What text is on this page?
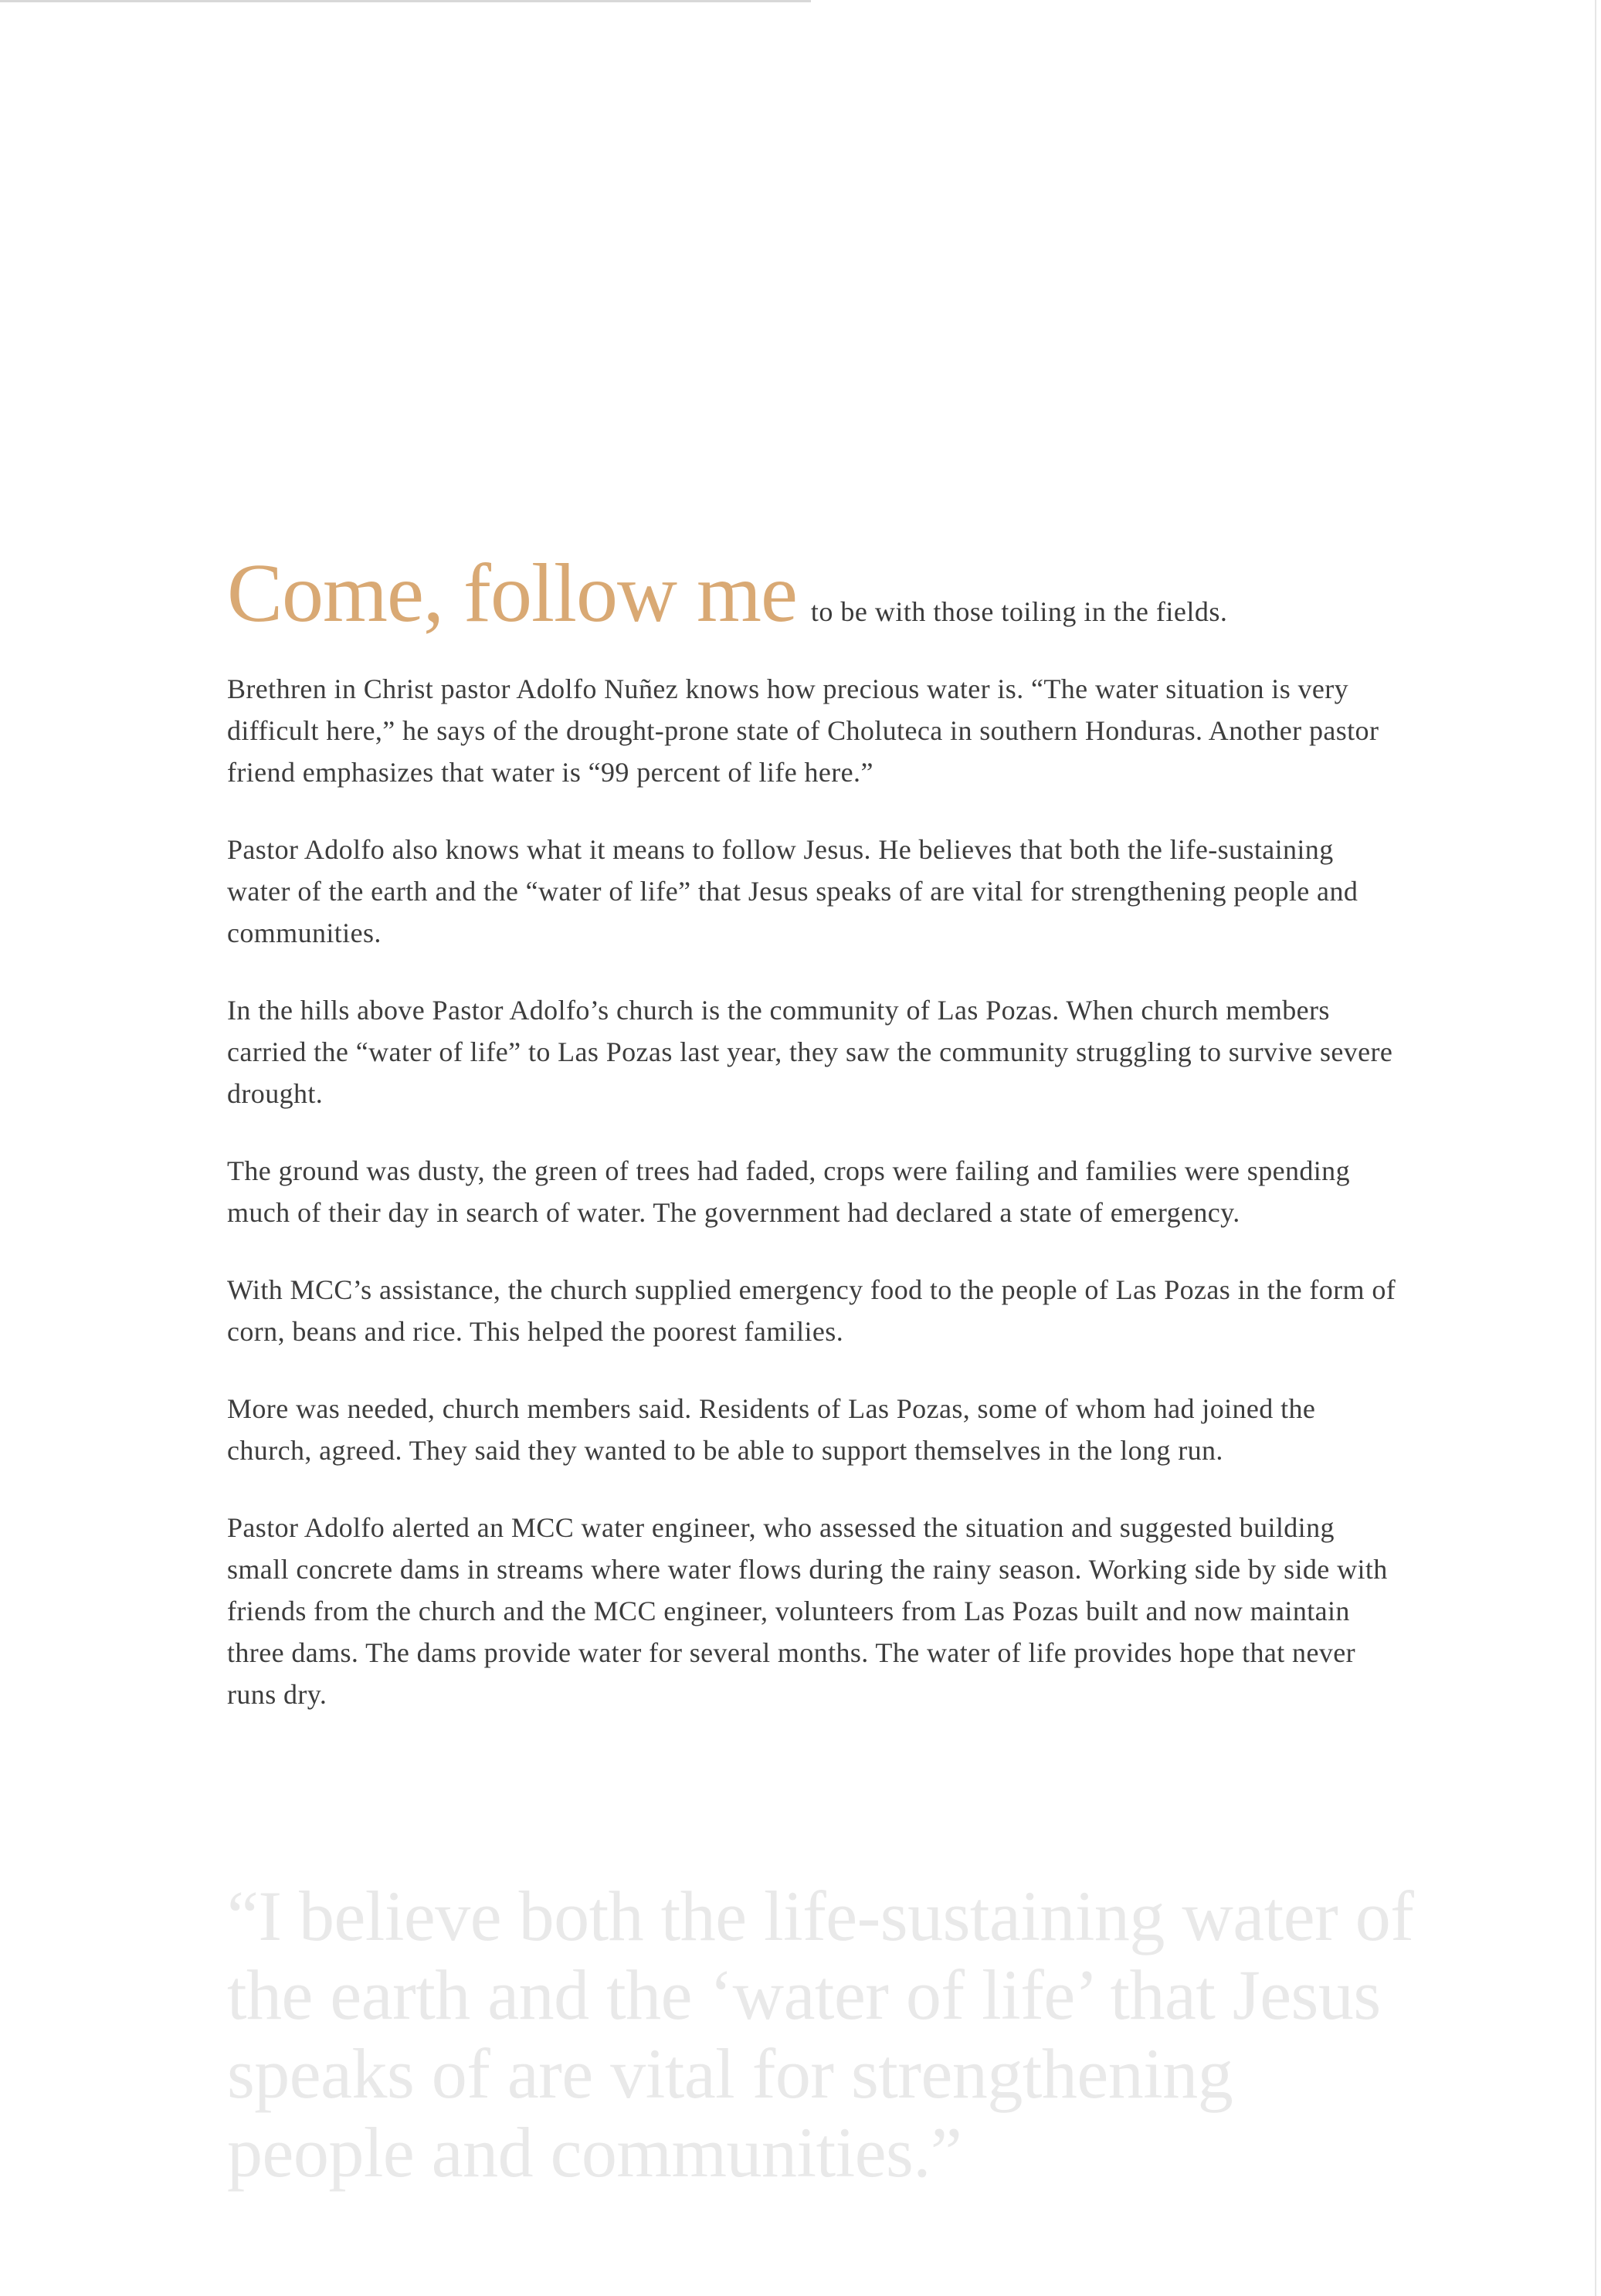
Come, follow me to be with those toiling in the fields.

Brethren in Christ pastor Adolfo Nuñez knows how precious water is. “The water situation is very difficult here,” he says of the drought-prone state of Choluteca in southern Honduras. Another pastor friend emphasizes that water is “99 percent of life here.”

Pastor Adolfo also knows what it means to follow Jesus. He believes that both the life-sustaining water of the earth and the “water of life” that Jesus speaks of are vital for strengthening people and communities.

In the hills above Pastor Adolfo’s church is the community of Las Pozas. When church members carried the “water of life” to Las Pozas last year, they saw the community struggling to survive severe drought.

The ground was dusty, the green of trees had faded, crops were failing and families were spending much of their day in search of water. The government had declared a state of emergency.

With MCC’s assistance, the church supplied emergency food to the people of Las Pozas in the form of corn, beans and rice. This helped the poorest families.

More was needed, church members said. Residents of Las Pozas, some of whom had joined the church, agreed. They said they wanted to be able to support themselves in the long run.

Pastor Adolfo alerted an MCC water engineer, who assessed the situation and suggested building small concrete dams in streams where water flows during the rainy season. Working side by side with friends from the church and the MCC engineer, volunteers from Las Pozas built and now maintain three dams. The dams provide water for several months. The water of life provides hope that never runs dry.

“I believe both the life-sustaining water of the earth and the ‘water of life’ that Jesus speaks of are vital for strengthening people and communities.”
